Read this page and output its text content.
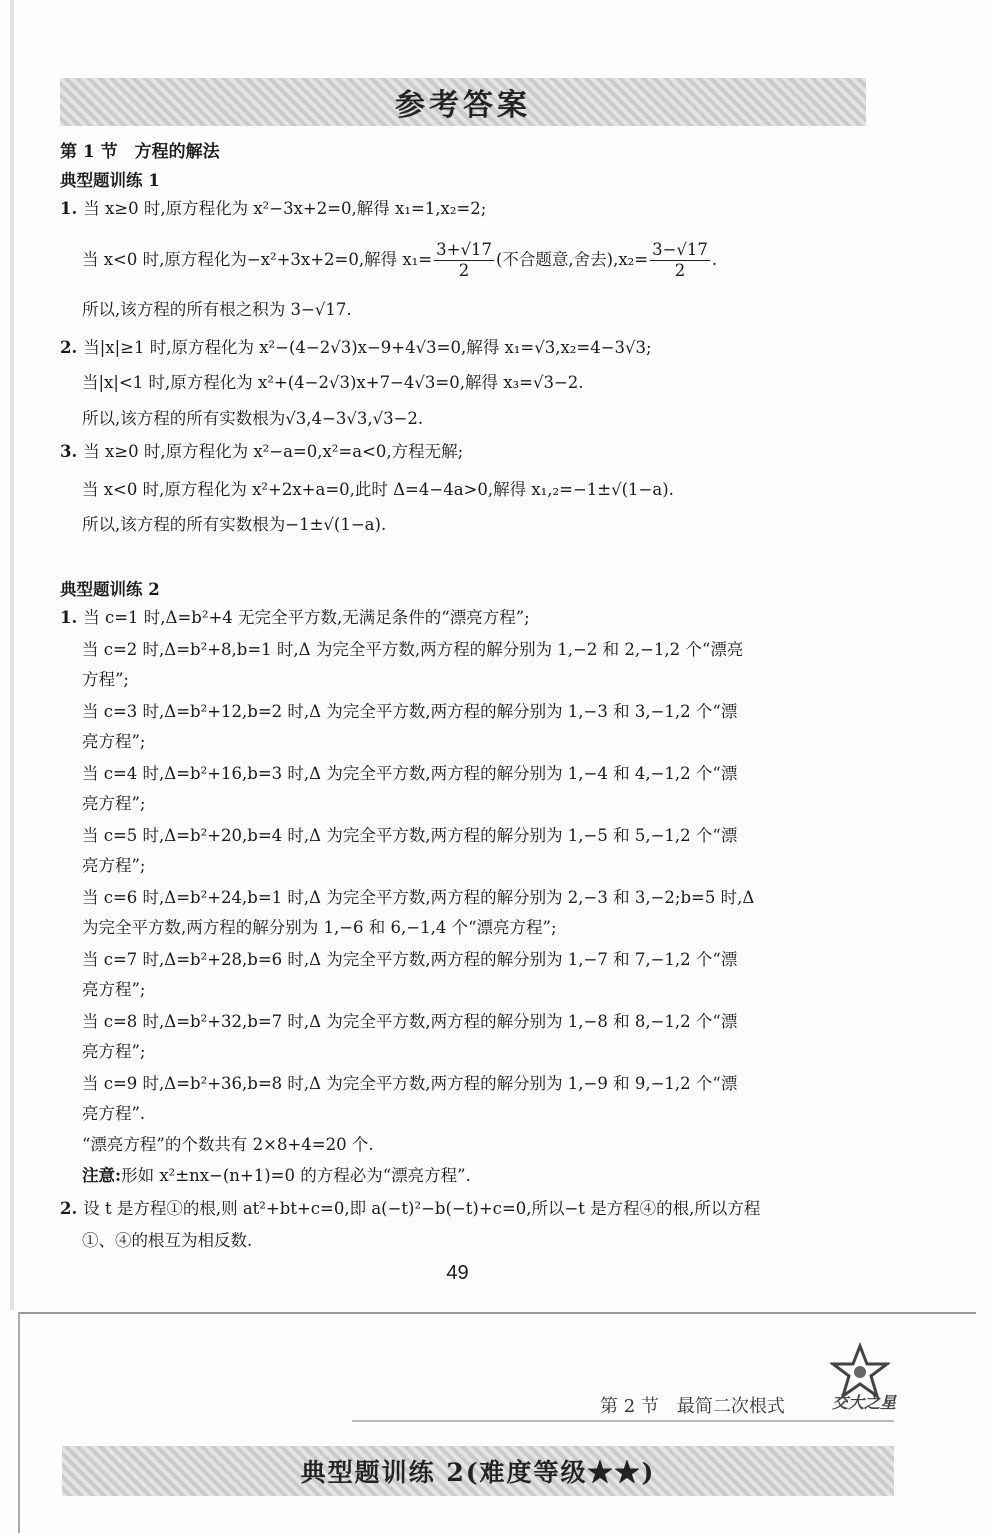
参考答案
第 1 节　方程的解法
典型题训练 1
1. 当 x≥0 时,原方程化为 x²−3x+2=0,解得 x₁=1,x₂=2;
当 x<0 时,原方程化为−x²+3x+2=0,解得 $x_1= \frac{3+√17}{2}$ (不合题意,舍去)$,x_2= \frac{3-√17}{2}$ .
所以,该方程的所有根之积为 3−√17.
2. 当|x|≥1 时,原方程化为 x²−(4−2√3)x−9+4√3=0,解得 x₁=√3,x₂=4−3√3;
当|x|<1 时,原方程化为 x²+(4−2√3)x+7−4√3=0,解得 x₃=√3−2.
所以,该方程的所有实数根为√3,4−3√3,√3−2.
3. 当 x≥0 时,原方程化为 x²−a=0,x²=a<0,方程无解;
当 x<0 时,原方程化为 x²+2x+a=0,此时 Δ=4−4a>0,解得 x₁,₂=−1±√(1−a).
所以,该方程的所有实数根为−1±√(1−a).
典型题训练 2
1. 当 c=1 时,Δ=b²+4 无完全平方数,无满足条件的“漂亮方程”;
当 c=2 时,Δ=b²+8,b=1 时,Δ 为完全平方数,两方程的解分别为 1,−2 和 2,−1,2 个“漂亮
方程”;
当 c=3 时,Δ=b²+12,b=2 时,Δ 为完全平方数,两方程的解分别为 1,−3 和 3,−1,2 个“漂
亮方程”;
当 c=4 时,Δ=b²+16,b=3 时,Δ 为完全平方数,两方程的解分别为 1,−4 和 4,−1,2 个“漂
亮方程”;
当 c=5 时,Δ=b²+20,b=4 时,Δ 为完全平方数,两方程的解分别为 1,−5 和 5,−1,2 个“漂
亮方程”;
当 c=6 时,Δ=b²+24,b=1 时,Δ 为完全平方数,两方程的解分别为 2,−3 和 3,−2;b=5 时,Δ
为完全平方数,两方程的解分别为 1,−6 和 6,−1,4 个“漂亮方程”;
当 c=7 时,Δ=b²+28,b=6 时,Δ 为完全平方数,两方程的解分别为 1,−7 和 7,−1,2 个“漂
亮方程”;
当 c=8 时,Δ=b²+32,b=7 时,Δ 为完全平方数,两方程的解分别为 1,−8 和 8,−1,2 个“漂
亮方程”;
当 c=9 时,Δ=b²+36,b=8 时,Δ 为完全平方数,两方程的解分别为 1,−9 和 9,−1,2 个“漂
亮方程”.
“漂亮方程”的个数共有 2×8+4=20 个.
注意:形如 x²±nx−(n+1)=0 的方程必为“漂亮方程”.
2. 设 t 是方程①的根,则 at²+bt+c=0,即 a(−t)²−b(−t)+c=0,所以−t 是方程④的根,所以方程
①、④的根互为相反数.
49
第 2 节　最简二次根式	交大之星
典型题训练 2(难度等级★★)
